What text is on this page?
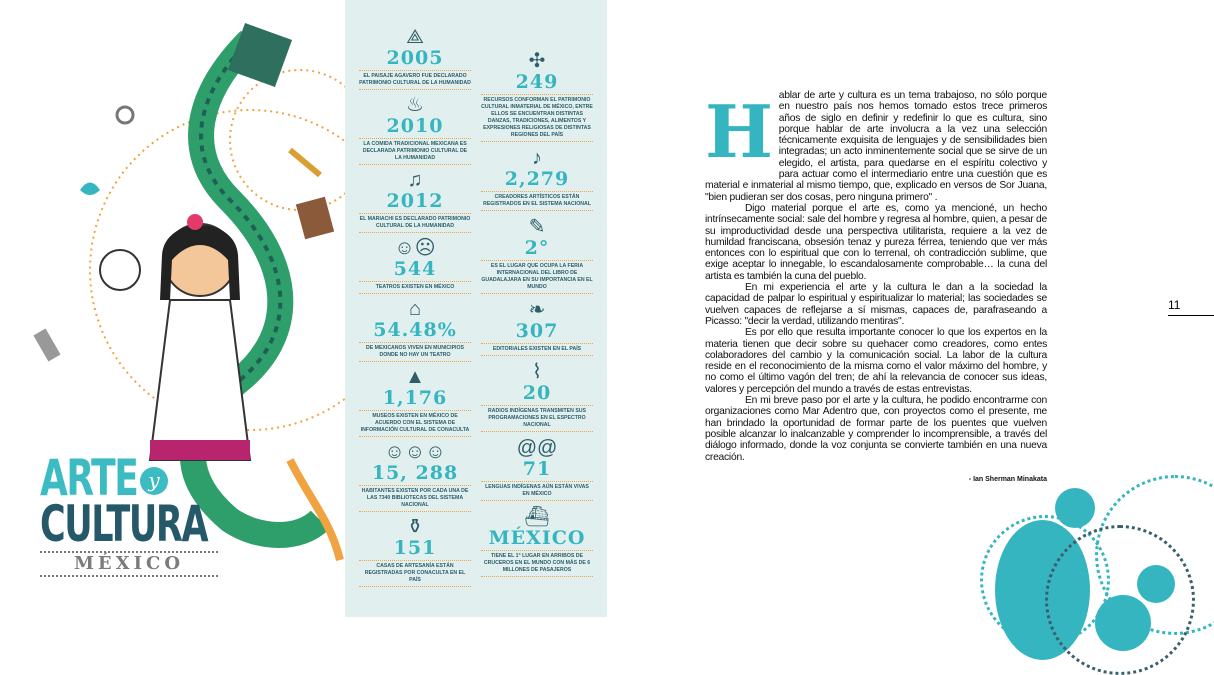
ARTE y
CULTURA
MÉXICO
⟁
2005
EL PAISAJE AGAVERO FUE DECLARADO PATRIMONIO CULTURAL DE LA HUMANIDAD
♨
2010
LA COMIDA TRADICIONAL MEXICANA ES DECLARADA PATRIMONIO CULTURAL DE LA HUMANIDAD
♫
2012
EL MARIACHI ES DECLARADO PATRIMONIO CULTURAL DE LA HUMANIDAD
☺☹
544
TEATROS EXISTEN EN MÉXICO
⌂
54.48%
DE MEXICANOS VIVEN EN MUNICIPIOS DONDE NO HAY UN TEATRO
▲
1,176
MUSEOS EXISTEN EN MÉXICO DE ACUERDO CON EL SISTEMA DE INFORMACIÓN CULTURAL DE CONACULTA
☺☺☺
15, 288
HABITANTES EXISTEN POR CADA UNA DE LAS 7340 BIBLIOTECAS DEL SISTEMA NACIONAL
⚱
151
CASAS DE ARTESANÍA ESTÁN REGISTRADAS POR CONACULTA EN EL PAÍS
✣
249
RECURSOS CONFORMAN EL PATRIMONIO CULTURAL INMATERIAL DE MÉXICO, ENTRE ELLOS SE ENCUENTRAN DISTINTAS DANZAS, TRADICIONES, ALIMENTOS Y EXPRESIONES RELIGIOSAS DE DISTINTAS REGIONES DEL PAÍS
♪
2,279
CREADORES ARTÍSTICOS ESTÁN REGISTRADOS EN EL SISTEMA NACIONAL
✎
2°
ES EL LUGAR QUE OCUPA LA FERIA INTERNACIONAL DEL LIBRO DE GUADALAJARA EN SU IMPORTANCIA EN EL MUNDO
❧
307
EDITORIALES EXISTEN EN EL PAÍS
⌇
20
RADIOS INDÍGENAS TRANSMITEN SUS PROGRAMACIONES EN EL ESPECTRO NACIONAL
@@
71
LENGUAS INDÍGENAS AÚN ESTÁN VIVAS EN MÉXICO
⛴
MÉXICO
TIENE EL 1° LUGAR EN ARRIBOS DE CRUCEROS EN EL MUNDO CON MÁS DE 6 MILLONES DE PASAJEROS
H ablar de arte y cultura es un tema trabajoso, no sólo porque en nuestro país nos hemos tomado estos trece primeros años de siglo en definir y redefinir lo que es cultura, sino porque hablar de arte involucra a la vez una selección técnicamente exquisita de lenguajes y de sensibilidades bien integradas; un acto inminentemente social que se sirve de un elegido, el artista, para quedarse en el espíritu colectivo y para actuar como el intermediario entre una cuestión que es material e inmaterial al mismo tiempo, que, explicado en versos de Sor Juana, "bien pudieran ser dos cosas, pero ninguna primero" .

Digo material porque el arte es, como ya mencioné, un hecho intrínsecamente social: sale del hombre y regresa al hombre, quien, a pesar de su improductividad desde una perspectiva utilitarista, requiere a la vez de humildad franciscana, obsesión tenaz y pureza férrea, teniendo que ver más entonces con lo espiritual que con lo terrenal, oh contradicción sublime, que exige aceptar lo innegable, lo escandalosamente comprobable… la cuna del artista es también la cuna del pueblo.

En mi experiencia el arte y la cultura le dan a la sociedad la capacidad de palpar lo espiritual y espiritualizar lo material; las sociedades se vuelven capaces de reflejarse a sí mismas, capaces de, parafraseando a Picasso: "decir la verdad, utilizando mentiras".

Es por ello que resulta importante conocer lo que los expertos en la materia tienen que decir sobre su quehacer como creadores, como entes colaboradores del cambio y la comunicación social. La labor de la cultura reside en el reconocimiento de la misma como el valor máximo del hombre, y no como el último vagón del tren; de ahí la relevancia de conocer sus ideas, valores y percepción del mundo a través de estas entrevistas.

En mi breve paso por el arte y la cultura, he podido encontrarme con organizaciones como Mar Adentro que, con proyectos como el presente, me han brindado la oportunidad de formar parte de los puentes que vuelven posible alcanzar lo inalcanzable y comprender lo incomprensible, a través del diálogo informado, donde la voz conjunta se convierte también en una nueva creación.

- Ian Sherman Minakata
11
